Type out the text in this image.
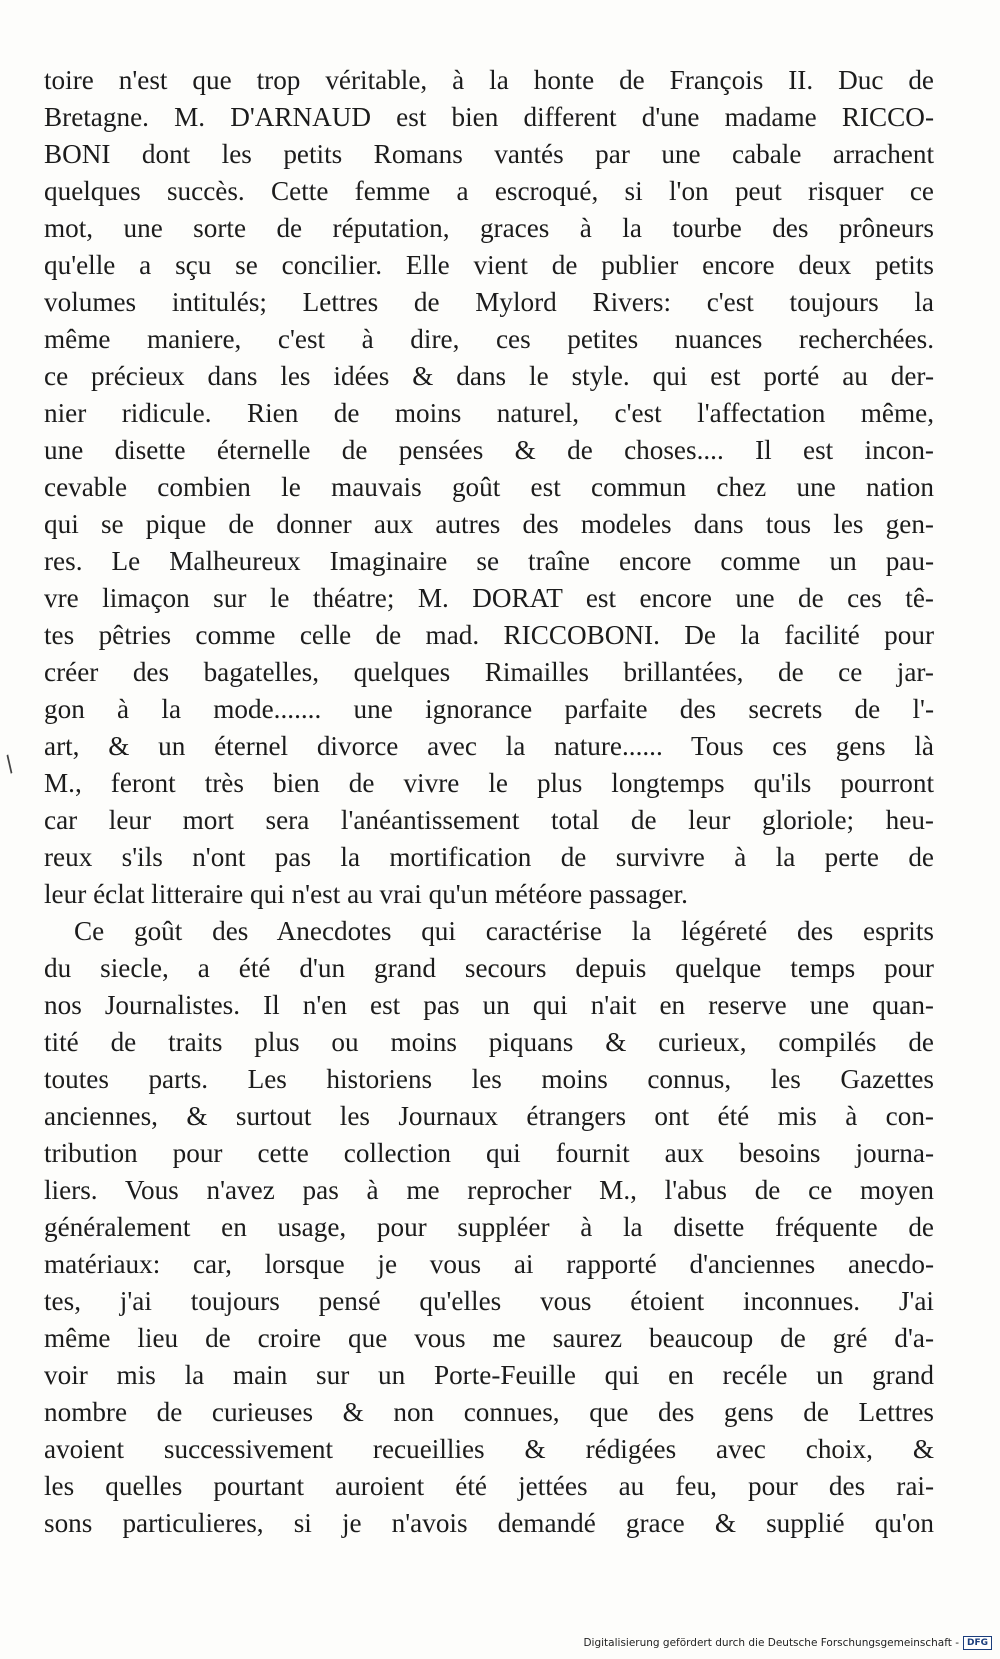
/
toire n'est que trop véritable, à la honte de François II. Duc de
Bretagne. M. D'ARNAUD est bien different d'une madame RICCO-
BONI dont les petits Romans vantés par une cabale arrachent
quelques succès. Cette femme a escroqué, si l'on peut risquer ce
mot, une sorte de réputation, graces à la tourbe des prôneurs
qu'elle a sçu se concilier. Elle vient de publier encore deux petits
volumes intitulés; Lettres de Mylord Rivers: c'est toujours la
même maniere, c'est à dire, ces petites nuances recherchées.
ce précieux dans les idées & dans le style. qui est porté au der-
nier ridicule. Rien de moins naturel, c'est l'affectation même,
une disette éternelle de pensées & de choses.... Il est incon-
cevable combien le mauvais goût est commun chez une nation
qui se pique de donner aux autres des modeles dans tous les gen-
res. Le Malheureux Imaginaire se traîne encore comme un pau-
vre limaçon sur le théatre; M. DORAT est encore une de ces tê-
tes pêtries comme celle de mad. RICCOBONI. De la facilité pour
créer des bagatelles, quelques Rimailles brillantées, de ce jar-
gon à la mode....... une ignorance parfaite des secrets de l'-
art, & un éternel divorce avec la nature...... Tous ces gens là
M., feront très bien de vivre le plus longtemps qu'ils pourront
car leur mort sera l'anéantissement total de leur gloriole; heu-
reux s'ils n'ont pas la mortification de survivre à la perte de
leur éclat litteraire qui n'est au vrai qu'un météore passager.
Ce goût des Anecdotes qui caractérise la légéreté des esprits
du siecle, a été d'un grand secours depuis quelque temps pour
nos Journalistes. Il n'en est pas un qui n'ait en reserve une quan-
tité de traits plus ou moins piquans & curieux, compilés de
toutes parts. Les historiens les moins connus, les Gazettes
anciennes, & surtout les Journaux étrangers ont été mis à con-
tribution pour cette collection qui fournit aux besoins journa-
liers. Vous n'avez pas à me reprocher M., l'abus de ce moyen
généralement en usage, pour suppléer à la disette fréquente de
matériaux: car, lorsque je vous ai rapporté d'anciennes anecdo-
tes, j'ai toujours pensé qu'elles vous étoient inconnues. J'ai
même lieu de croire que vous me saurez beaucoup de gré d'a-
voir mis la main sur un Porte-Feuille qui en recéle un grand
nombre de curieuses & non connues, que des gens de Lettres
avoient successivement recueillies & rédigées avec choix, &
les quelles pourtant auroient été jettées au feu, pour des rai-
sons particulieres, si je n'avois demandé grace & supplié qu'on
Digitalisierung gefördert durch die Deutsche Forschungsgemeinschaft - DFG
